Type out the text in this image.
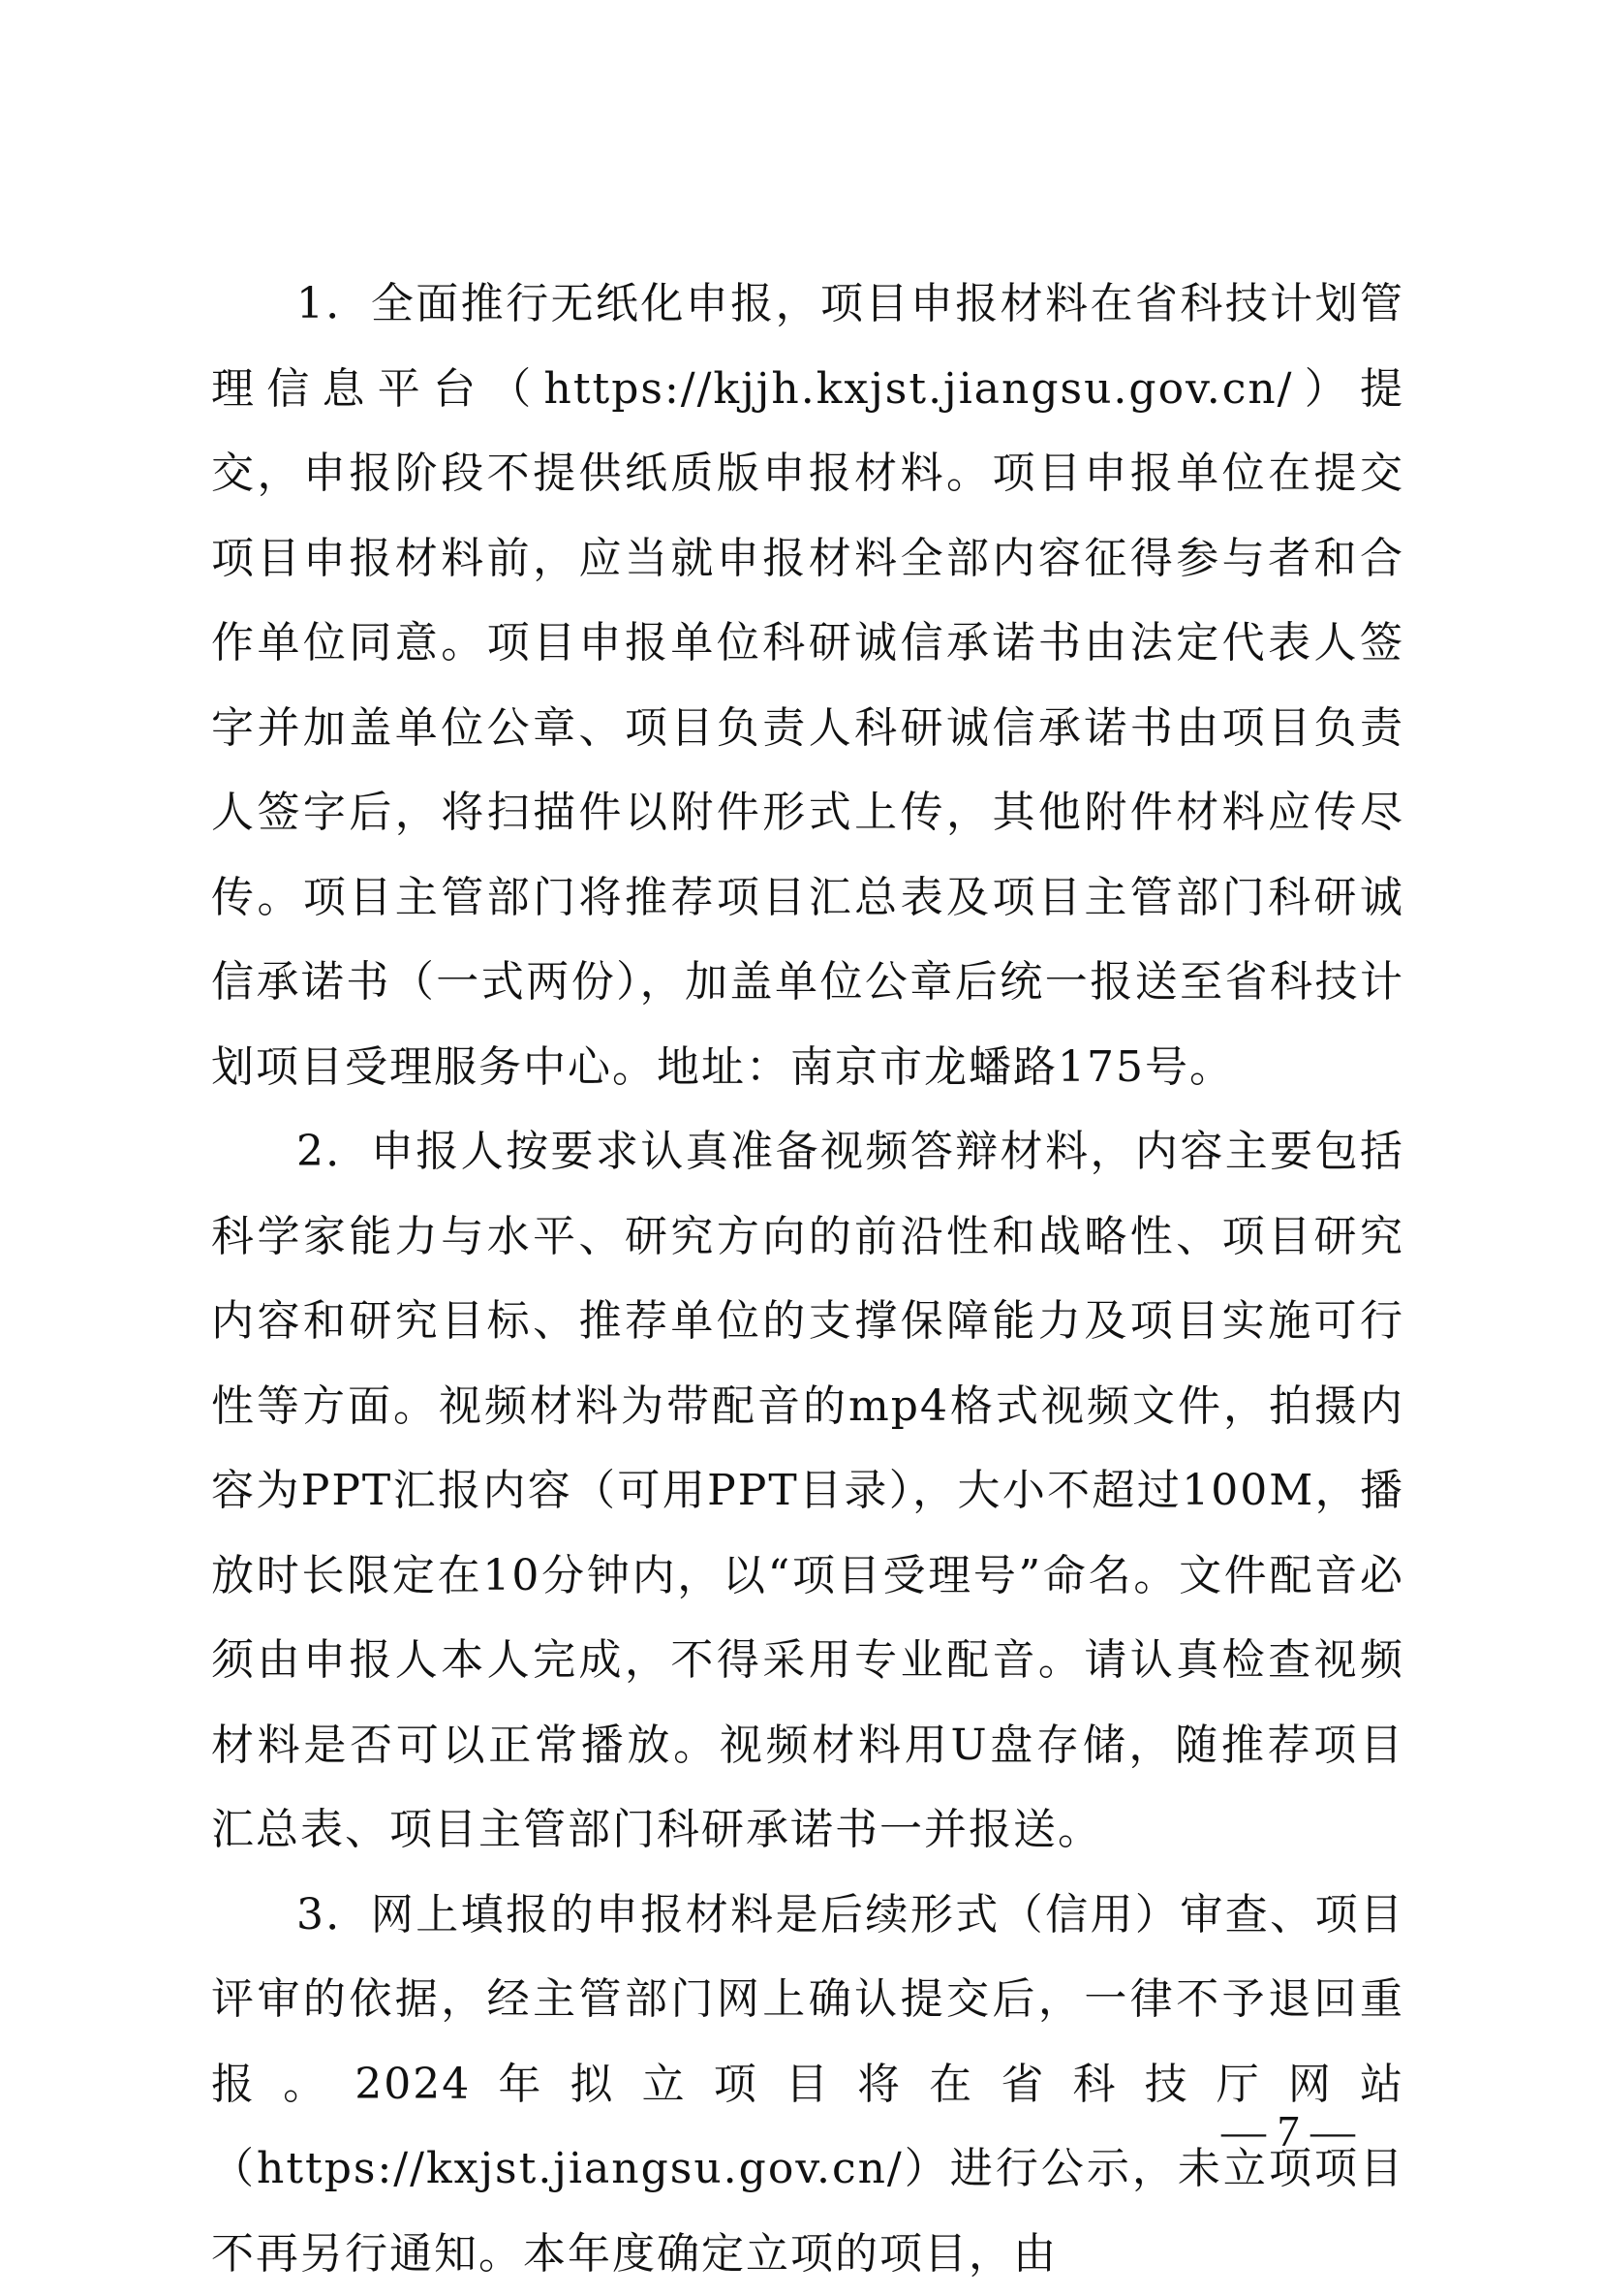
1．全面推行无纸化申报，项目申报材料在省科技计划管理信息平台（https://kjjh.kxjst.jiangsu.gov.cn/）提交，申报阶段不提供纸质版申报材料。项目申报单位在提交项目申报材料前，应当就申报材料全部内容征得参与者和合作单位同意。项目申报单位科研诚信承诺书由法定代表人签字并加盖单位公章、项目负责人科研诚信承诺书由项目负责人签字后，将扫描件以附件形式上传，其他附件材料应传尽传。项目主管部门将推荐项目汇总表及项目主管部门科研诚信承诺书（一式两份），加盖单位公章后统一报送至省科技计划项目受理服务中心。地址：南京市龙蟠路175号。

2．申报人按要求认真准备视频答辩材料，内容主要包括科学家能力与水平、研究方向的前沿性和战略性、项目研究内容和研究目标、推荐单位的支撑保障能力及项目实施可行性等方面。视频材料为带配音的mp4格式视频文件，拍摄内容为PPT汇报内容（可用PPT目录），大小不超过100M，播放时长限定在10分钟内，以“项目受理号”命名。文件配音必须由申报人本人完成，不得采用专业配音。请认真检查视频材料是否可以正常播放。视频材料用U盘存储，随推荐项目汇总表、项目主管部门科研承诺书一并报送。

3．网上填报的申报材料是后续形式（信用）审查、项目评审的依据，经主管部门网上确认提交后，一律不予退回重报。2024年拟立项目将在省科技厅网站（https://kxjst.jiangsu.gov.cn/）进行公示，未立项项目不再另行通知。本年度确定立项的项目，由

— 7 —
